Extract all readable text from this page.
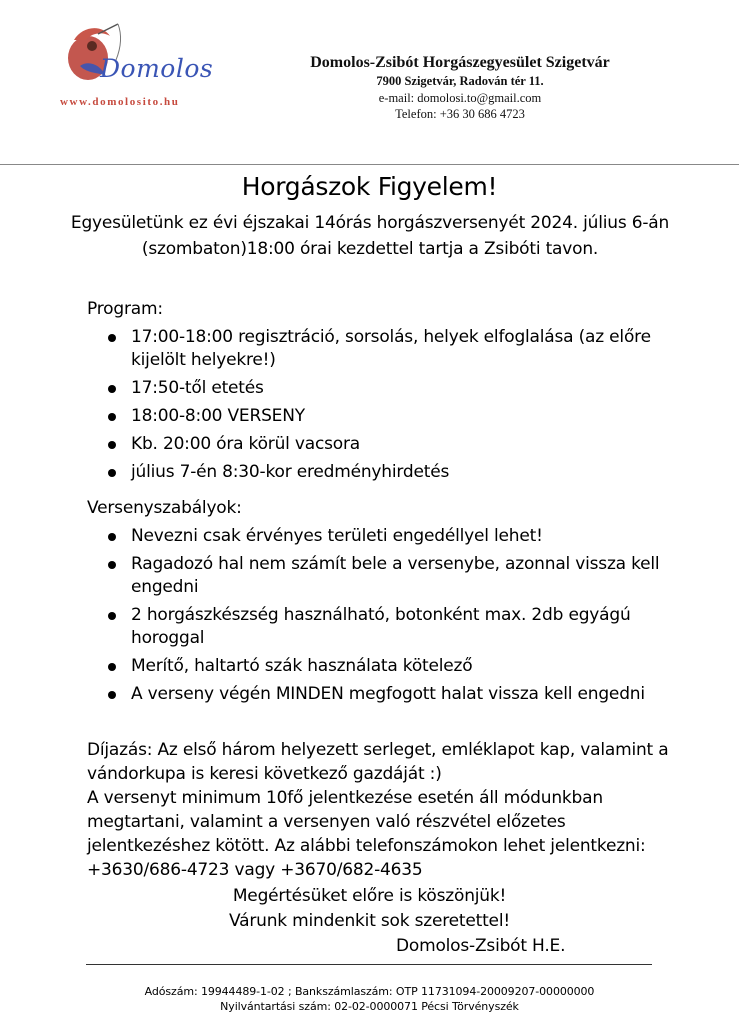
Domolos
www.domolosito.hu
Domolos-Zsibót Horgászegyesület Szigetvár
7900 Szigetvár, Radován tér 11.
e-mail: domolosi.to@gmail.com
Telefon: +36 30 686 4723
Horgászok Figyelem!
Egyesületünk ez évi éjszakai 14órás horgászversenyét 2024. július 6-án (szombaton)18:00 órai kezdettel tartja a Zsibóti tavon.
Program:
17:00-18:00 regisztráció, sorsolás, helyek elfoglalása (az előre kijelölt helyekre!)
17:50-től etetés
18:00-8:00 VERSENY
Kb. 20:00 óra körül vacsora
július 7-én 8:30-kor eredményhirdetés
Versenyszabályok:
Nevezni csak érvényes területi engedéllyel lehet!
Ragadozó hal nem számít bele a versenybe, azonnal vissza kell engedni
2 horgászkészség használható, botonként max. 2db egyágú horoggal
Merítő, haltartó szák használata kötelező
A verseny végén MINDEN megfogott halat vissza kell engedni
Díjazás: Az első három helyezett serleget, emléklapot kap, valamint a vándorkupa is keresi következő gazdáját :)
A versenyt minimum 10fő jelentkezése esetén áll módunkban megtartani, valamint a versenyen való részvétel előzetes jelentkezéshez kötött. Az alábbi telefonszámokon lehet jelentkezni: +3630/686-4723 vagy +3670/682-4635
Megértésüket előre is köszönjük!
Várunk mindenkit sok szeretettel!
Domolos-Zsibót H.E.
Adószám: 19944489-1-02 ; Bankszámlaszám: OTP 11731094-20009207-00000000
Nyilvántartási szám: 02-02-0000071 Pécsi Törvényszék
